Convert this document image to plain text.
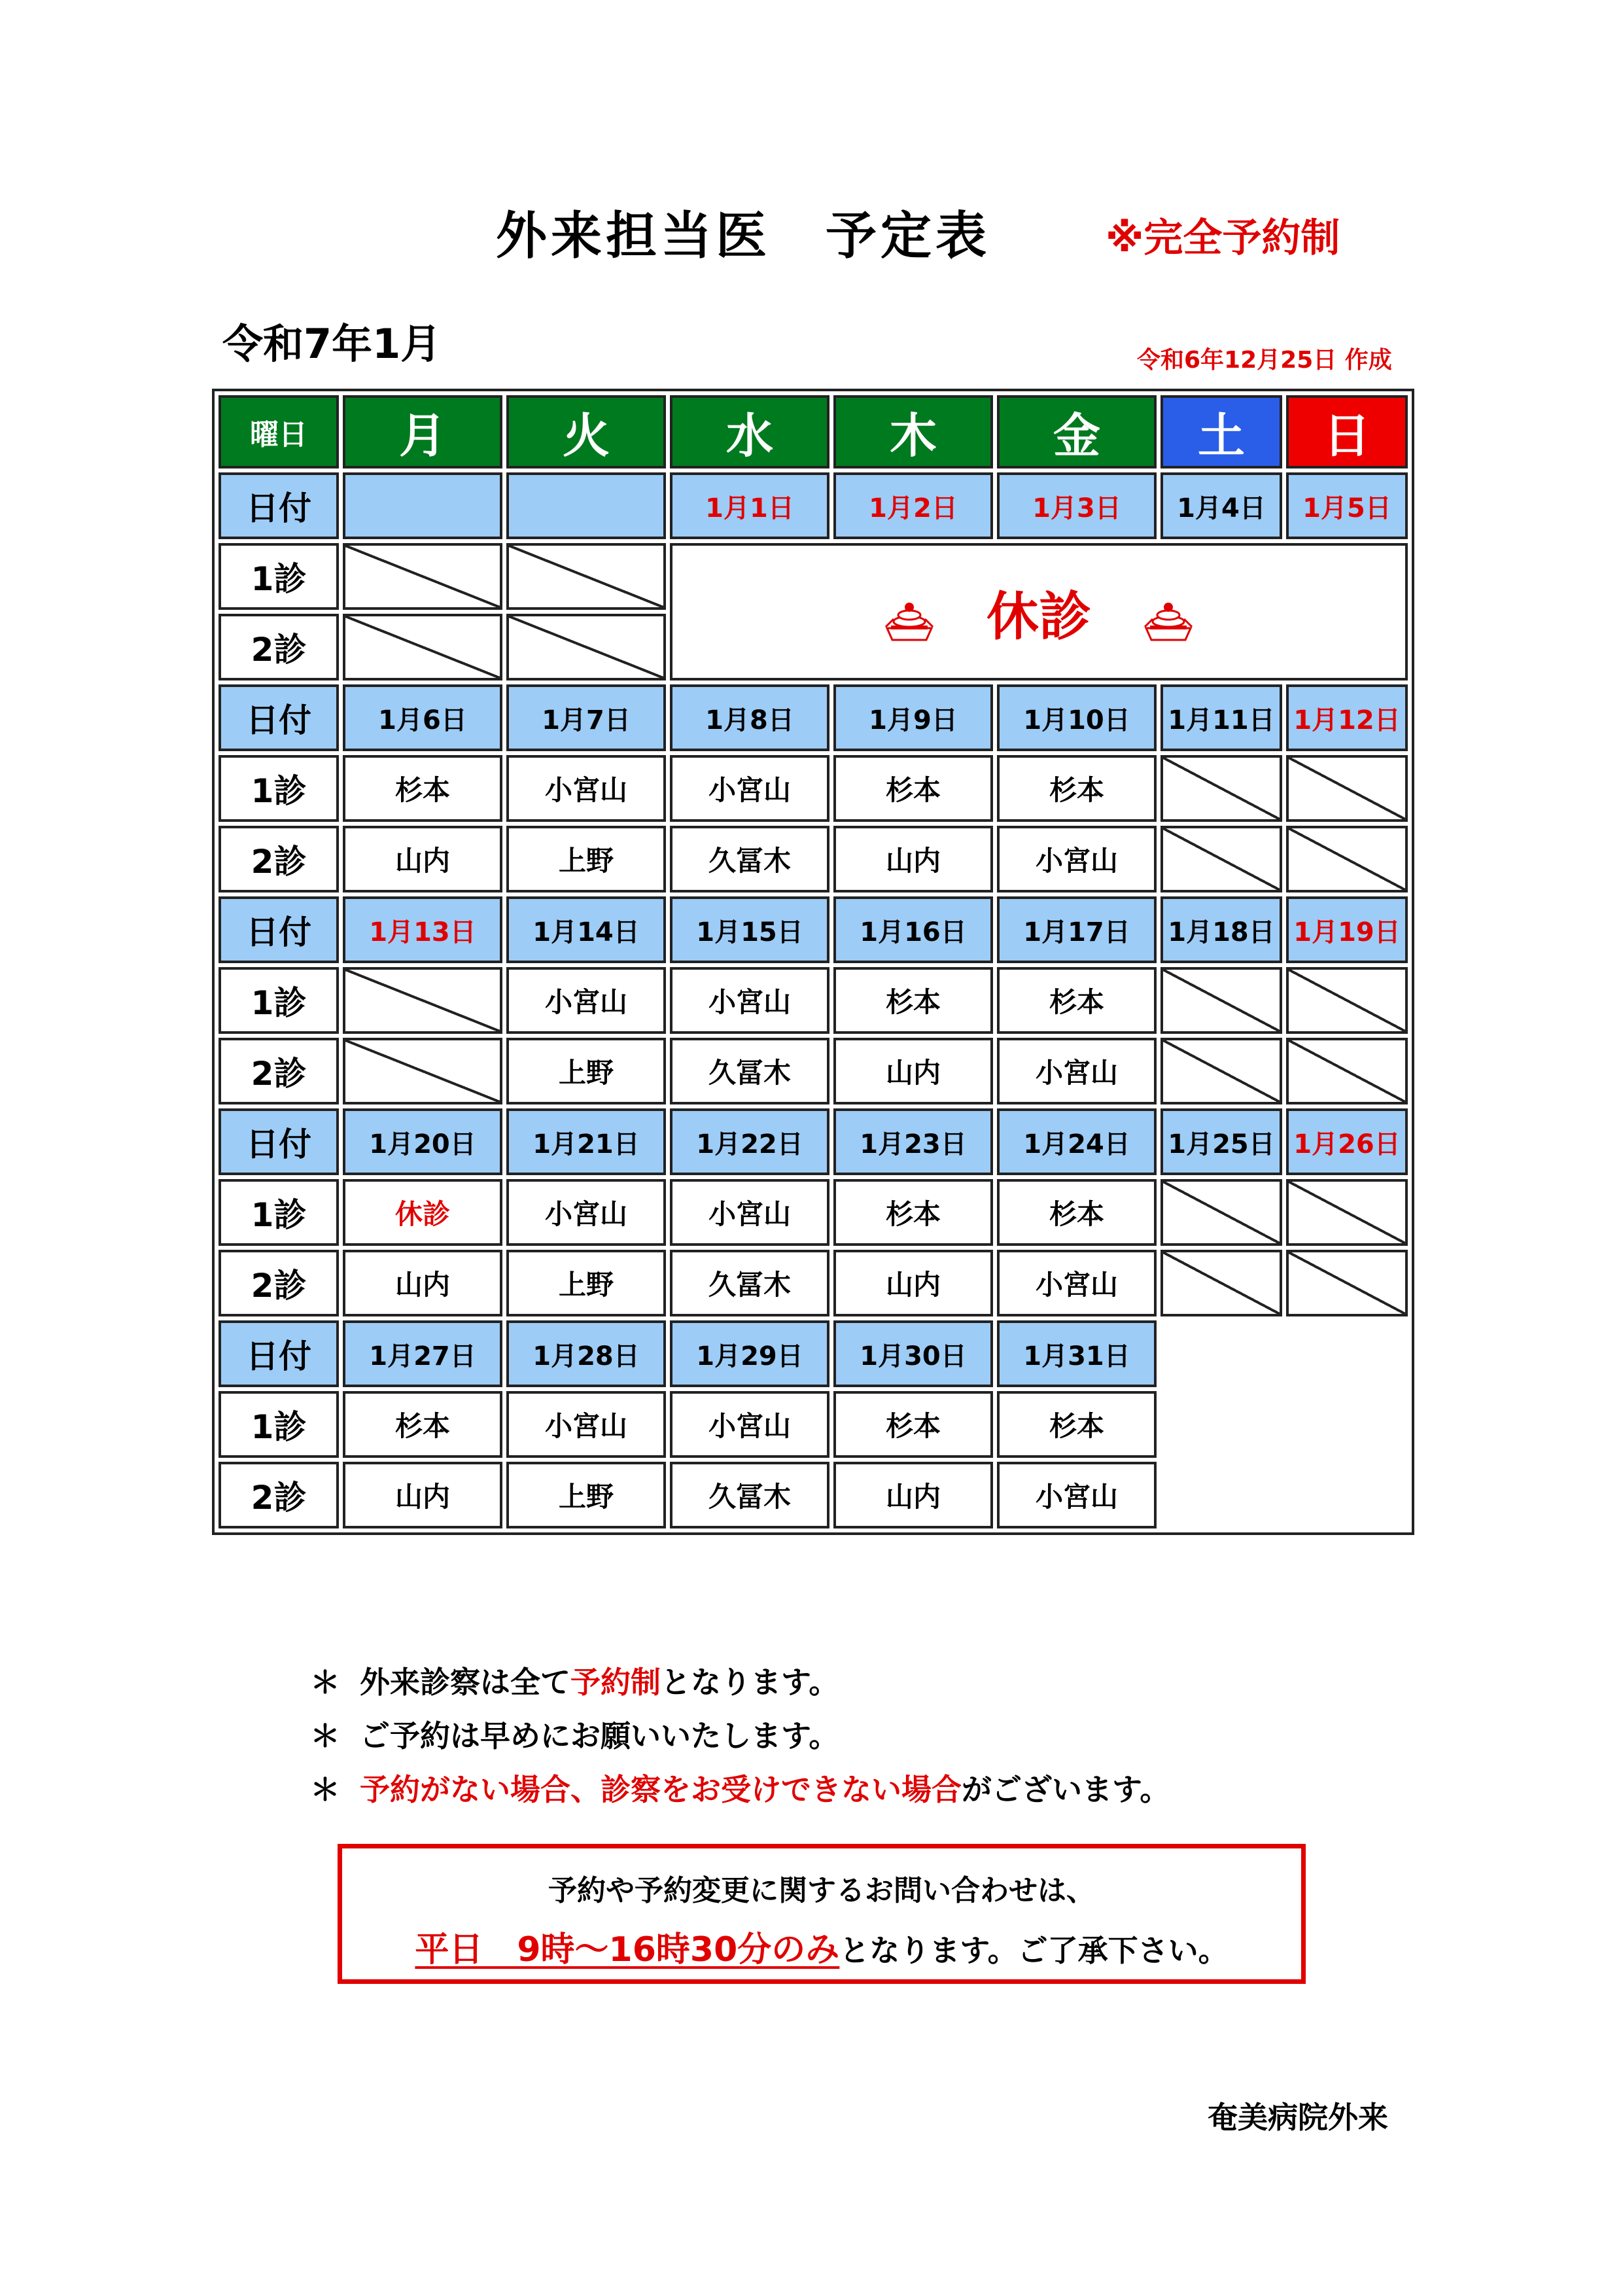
外来担当医　予定表	※完全予約制
令和7年1月	令和6年12月25日 作成
曜日	月	火	水	木	金	土	日
日付			1月1日	1月2日	1月3日	1月4日	1月5日
1診			休診				
2診							
日付	1月6日	1月7日	1月8日	1月9日	1月10日	1月11日	1月12日
1診	杉本	小宮山	小宮山	杉本	杉本		
2診	山内	上野	久冨木	山内	小宮山		
日付	1月13日	1月14日	1月15日	1月16日	1月17日	1月18日	1月19日
1診		小宮山	小宮山	杉本	杉本		
2診		上野	久冨木	山内	小宮山		
日付	1月20日	1月21日	1月22日	1月23日	1月24日	1月25日	1月26日
1診	休診	小宮山	小宮山	杉本	杉本		
2診	山内	上野	久冨木	山内	小宮山		
日付	1月27日	1月28日	1月29日	1月30日	1月31日		
1診	杉本	小宮山	小宮山	杉本	杉本		
2診	山内	上野	久冨木	山内	小宮山		
＊ 外来診察は全て予約制となります。
＊ ご予約は早めにお願いいたします。
＊ 予約がない場合、診察をお受けできない場合がございます。
予約や予約変更に関するお問い合わせは、
平日　9時～16時30分のみとなります。ご了承下さい。
奄美病院外来
